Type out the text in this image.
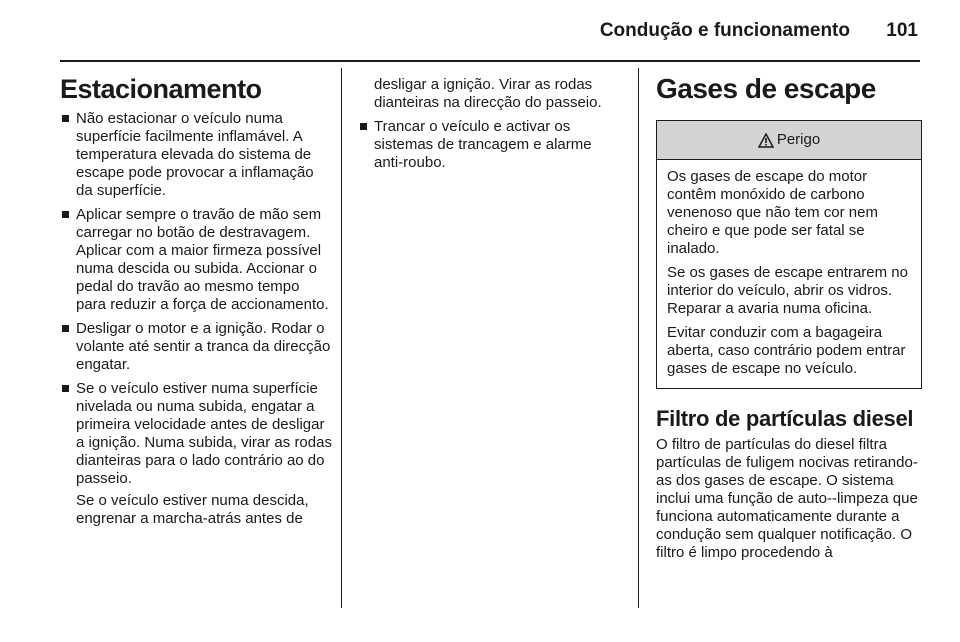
Condução e funcionamento 101
Estacionamento
Não estacionar o veículo numa superfície facilmente inflamável. A temperatura elevada do sistema de escape pode provocar a inflamação da superfície.
Aplicar sempre o travão de mão sem carregar no botão de destravagem. Aplicar com a maior firmeza possível numa descida ou subida. Accionar o pedal do travão ao mesmo tempo para reduzir a força de accionamento.
Desligar o motor e a ignição. Rodar o volante até sentir a tranca da direcção engatar.
Se o veículo estiver numa superfície nivelada ou numa subida, engatar a primeira velocidade antes de desligar a ignição. Numa subida, virar as rodas dianteiras para o lado contrário ao do passeio.

Se o veículo estiver numa descida, engrenar a marcha-atrás antes de

desligar a ignição. Virar as rodas dianteiras na direcção do passeio.

Trancar o veículo e activar os sistemas de trancagem e alarme anti-roubo.
Gases de escape
Perigo

Os gases de escape do motor contêm monóxido de carbono venenoso que não tem cor nem cheiro e que pode ser fatal se inalado.

Se os gases de escape entrarem no interior do veículo, abrir os vidros. Reparar a avaria numa oficina.

Evitar conduzir com a bagageira aberta, caso contrário podem entrar gases de escape no veículo.

Filtro de partículas diesel

O filtro de partículas do diesel filtra partículas de fuligem nocivas retirando-as dos gases de escape. O sistema inclui uma função de auto--limpeza que funciona automaticamente durante a condução sem qualquer notificação. O filtro é limpo procedendo à
